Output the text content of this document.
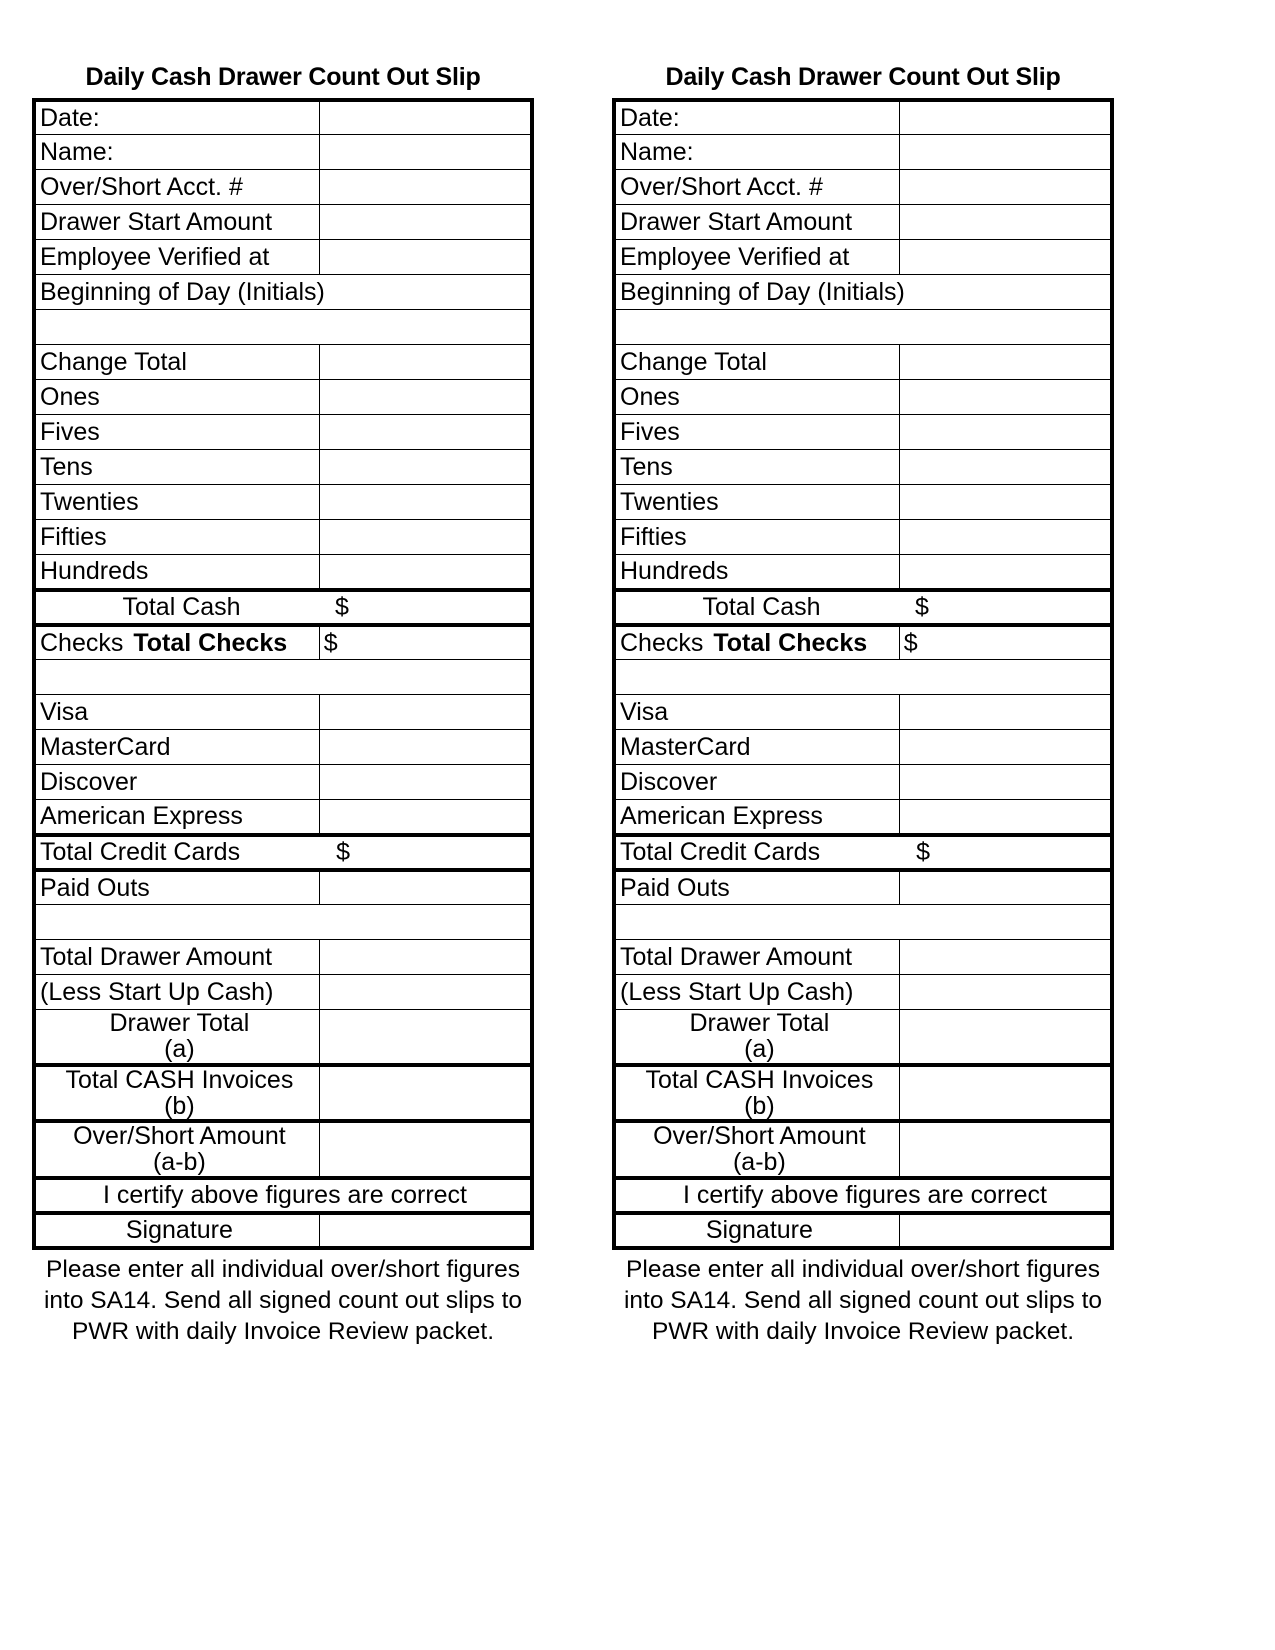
Daily Cash Drawer Count Out Slip
Date:	
Name:	
Over/Short Acct. #	
Drawer Start Amount	
Employee Verified at	
Beginning of Day (Initials)	

Change Total	
Ones	
Fives	
Tens	
Twenties	
Fifties	
Hundreds	
Total Cash $	
Checks Total Checks	$

Visa	
MasterCard	
Discover	
American Express	
Total Credit Cards $	
Paid Outs	

Total Drawer Amount	
(Less Start Up Cash)	

Drawer Total
(a)	

Total CASH Invoices
(b)	

Over/Short Amount
(a-b)	

I certify above figures are correct	
Signature	
Please enter all individual over/short figures into SA14. Send all signed count out slips to PWR with daily Invoice Review packet.
Daily Cash Drawer Count Out Slip
Date:	
Name:	
Over/Short Acct. #	
Drawer Start Amount	
Employee Verified at	
Beginning of Day (Initials)	

Change Total	
Ones	
Fives	
Tens	
Twenties	
Fifties	
Hundreds	
Total Cash $	
Checks Total Checks	$

Visa	
MasterCard	
Discover	
American Express	
Total Credit Cards $	
Paid Outs	

Total Drawer Amount	
(Less Start Up Cash)	

Drawer Total
(a)	

Total CASH Invoices
(b)	

Over/Short Amount
(a-b)	

I certify above figures are correct	
Signature	
Please enter all individual over/short figures into SA14. Send all signed count out slips to PWR with daily Invoice Review packet.
